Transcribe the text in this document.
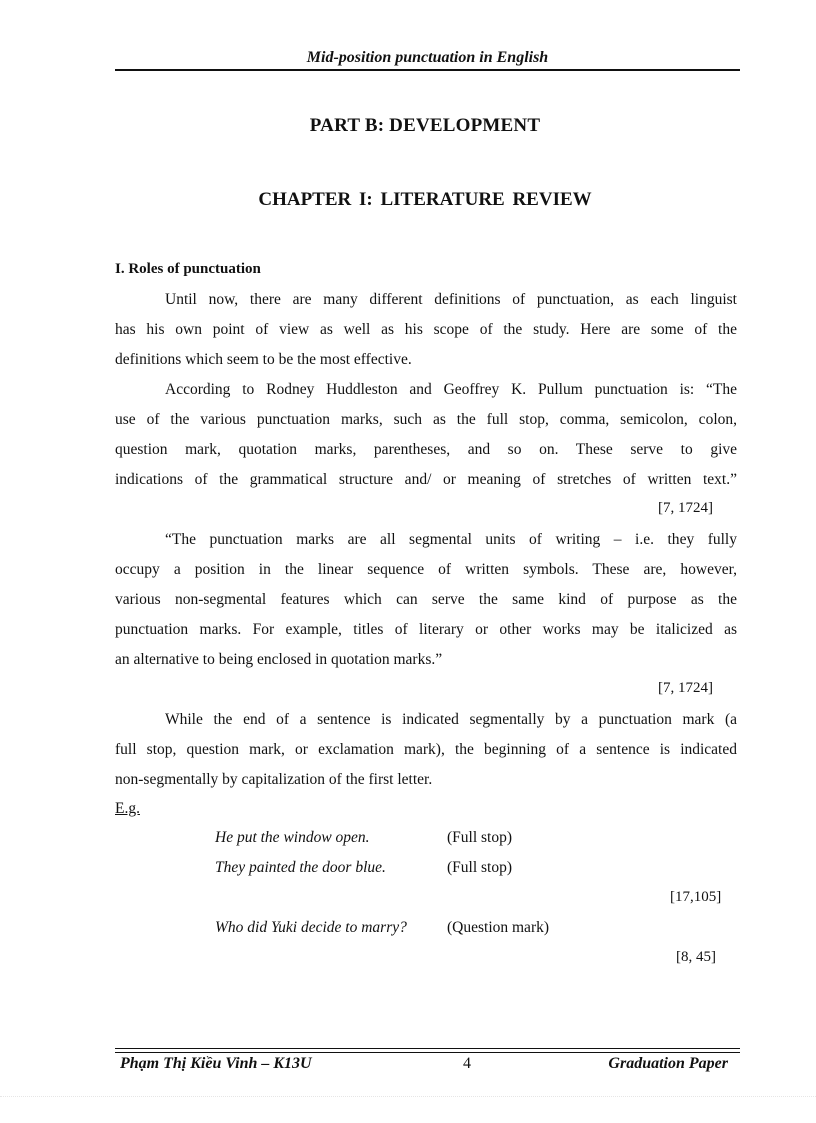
Mid-position punctuation in English
PART B: DEVELOPMENT
CHAPTER I: LITERATURE REVIEW
I. Roles of punctuation
Until now, there are many different definitions of punctuation, as each linguist
has his own point of view as well as his scope of the study. Here are some of the
definitions which seem to be the most effective.
According to Rodney Huddleston and Geoffrey K. Pullum punctuation is: “The
use of the various punctuation marks, such as the full stop, comma, semicolon, colon,
question mark, quotation marks, parentheses, and so on. These serve to give
indications of the grammatical structure and/ or meaning of stretches of written text.”
[7, 1724]
“The punctuation marks are all segmental units of writing – i.e. they fully
occupy a position in the linear sequence of written symbols. These are, however,
various non-segmental features which can serve the same kind of purpose as the
punctuation marks. For example, titles of literary or other works may be italicized as
an alternative to being enclosed in quotation marks.”
[7, 1724]
While the end of a sentence is indicated segmentally by a punctuation mark (a
full stop, question mark, or exclamation mark), the beginning of a sentence is indicated
non-segmentally by capitalization of the first letter.
E.g.
He put the window open.	(Full stop)
They painted the door blue.	(Full stop)
[17,105]
Who did Yuki decide to marry?	(Question mark)
[8, 45]
Phạm Thị Kiều Vinh – K13U	4	Graduation Paper
